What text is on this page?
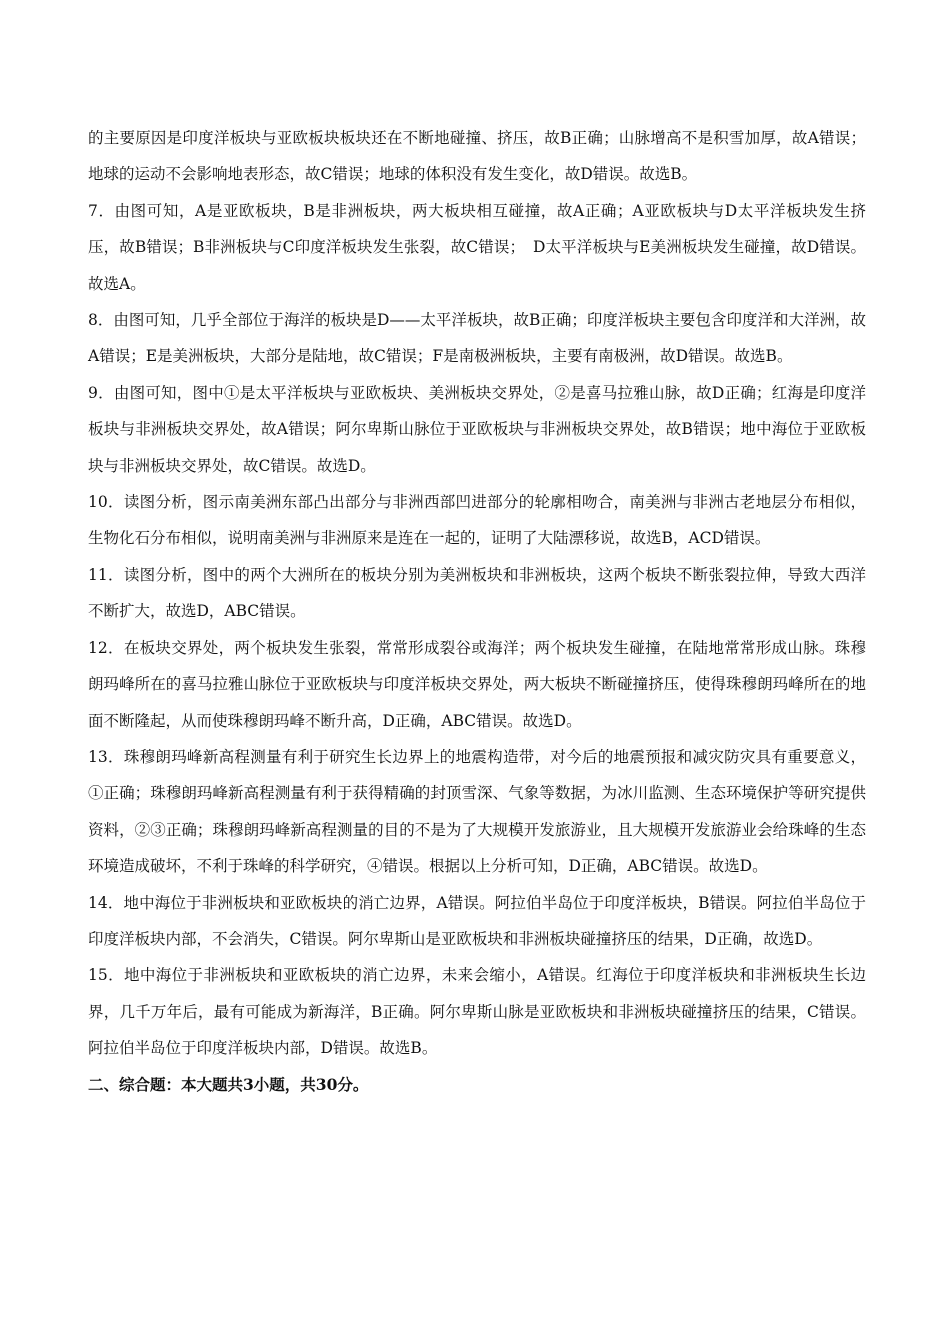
的主要原因是印度洋板块与亚欧板块板块还在不断地碰撞、挤压，故B正确；山脉增高不是积雪加厚，故A错误；地球的运动不会影响地表形态，故C错误；地球的体积没有发生变化，故D错误。故选B。

7．由图可知，A是亚欧板块，B是非洲板块，两大板块相互碰撞，故A正确；A亚欧板块与D太平洋板块发生挤压，故B错误；B非洲板块与C印度洋板块发生张裂，故C错误；　D太平洋板块与E美洲板块发生碰撞，故D错误。故选A。

8．由图可知，几乎全部位于海洋的板块是D——太平洋板块，故B正确；印度洋板块主要包含印度洋和大洋洲，故A错误；E是美洲板块，大部分是陆地，故C错误；F是南极洲板块，主要有南极洲，故D错误。故选B。

9．由图可知，图中①是太平洋板块与亚欧板块、美洲板块交界处，②是喜马拉雅山脉，故D正确；红海是印度洋板块与非洲板块交界处，故A错误；阿尔卑斯山脉位于亚欧板块与非洲板块交界处，故B错误；地中海位于亚欧板块与非洲板块交界处，故C错误。故选D。

10．读图分析，图示南美洲东部凸出部分与非洲西部凹进部分的轮廓相吻合，南美洲与非洲古老地层分布相似，生物化石分布相似，说明南美洲与非洲原来是连在一起的，证明了大陆漂移说，故选B，ACD错误。

11．读图分析，图中的两个大洲所在的板块分别为美洲板块和非洲板块，这两个板块不断张裂拉伸，导致大西洋不断扩大，故选D，ABC错误。

12．在板块交界处，两个板块发生张裂，常常形成裂谷或海洋；两个板块发生碰撞，在陆地常常形成山脉。珠穆朗玛峰所在的喜马拉雅山脉位于亚欧板块与印度洋板块交界处，两大板块不断碰撞挤压，使得珠穆朗玛峰所在的地面不断隆起，从而使珠穆朗玛峰不断升高，D正确，ABC错误。故选D。

13．珠穆朗玛峰新高程测量有利于研究生长边界上的地震构造带，对今后的地震预报和减灾防灾具有重要意义，①正确；珠穆朗玛峰新高程测量有利于获得精确的封顶雪深、气象等数据，为冰川监测、生态环境保护等研究提供资料，②③正确；珠穆朗玛峰新高程测量的目的不是为了大规模开发旅游业，且大规模开发旅游业会给珠峰的生态环境造成破坏，不利于珠峰的科学研究，④错误。根据以上分析可知，D正确，ABC错误。故选D。

14．地中海位于非洲板块和亚欧板块的消亡边界，A错误。阿拉伯半岛位于印度洋板块，B错误。阿拉伯半岛位于印度洋板块内部，不会消失，C错误。阿尔卑斯山是亚欧板块和非洲板块碰撞挤压的结果，D正确，故选D。

15．地中海位于非洲板块和亚欧板块的消亡边界，未来会缩小，A错误。红海位于印度洋板块和非洲板块生长边界，几千万年后，最有可能成为新海洋，B正确。阿尔卑斯山脉是亚欧板块和非洲板块碰撞挤压的结果，C错误。阿拉伯半岛位于印度洋板块内部，D错误。故选B。

二、综合题：本大题共3小题，共30分。
